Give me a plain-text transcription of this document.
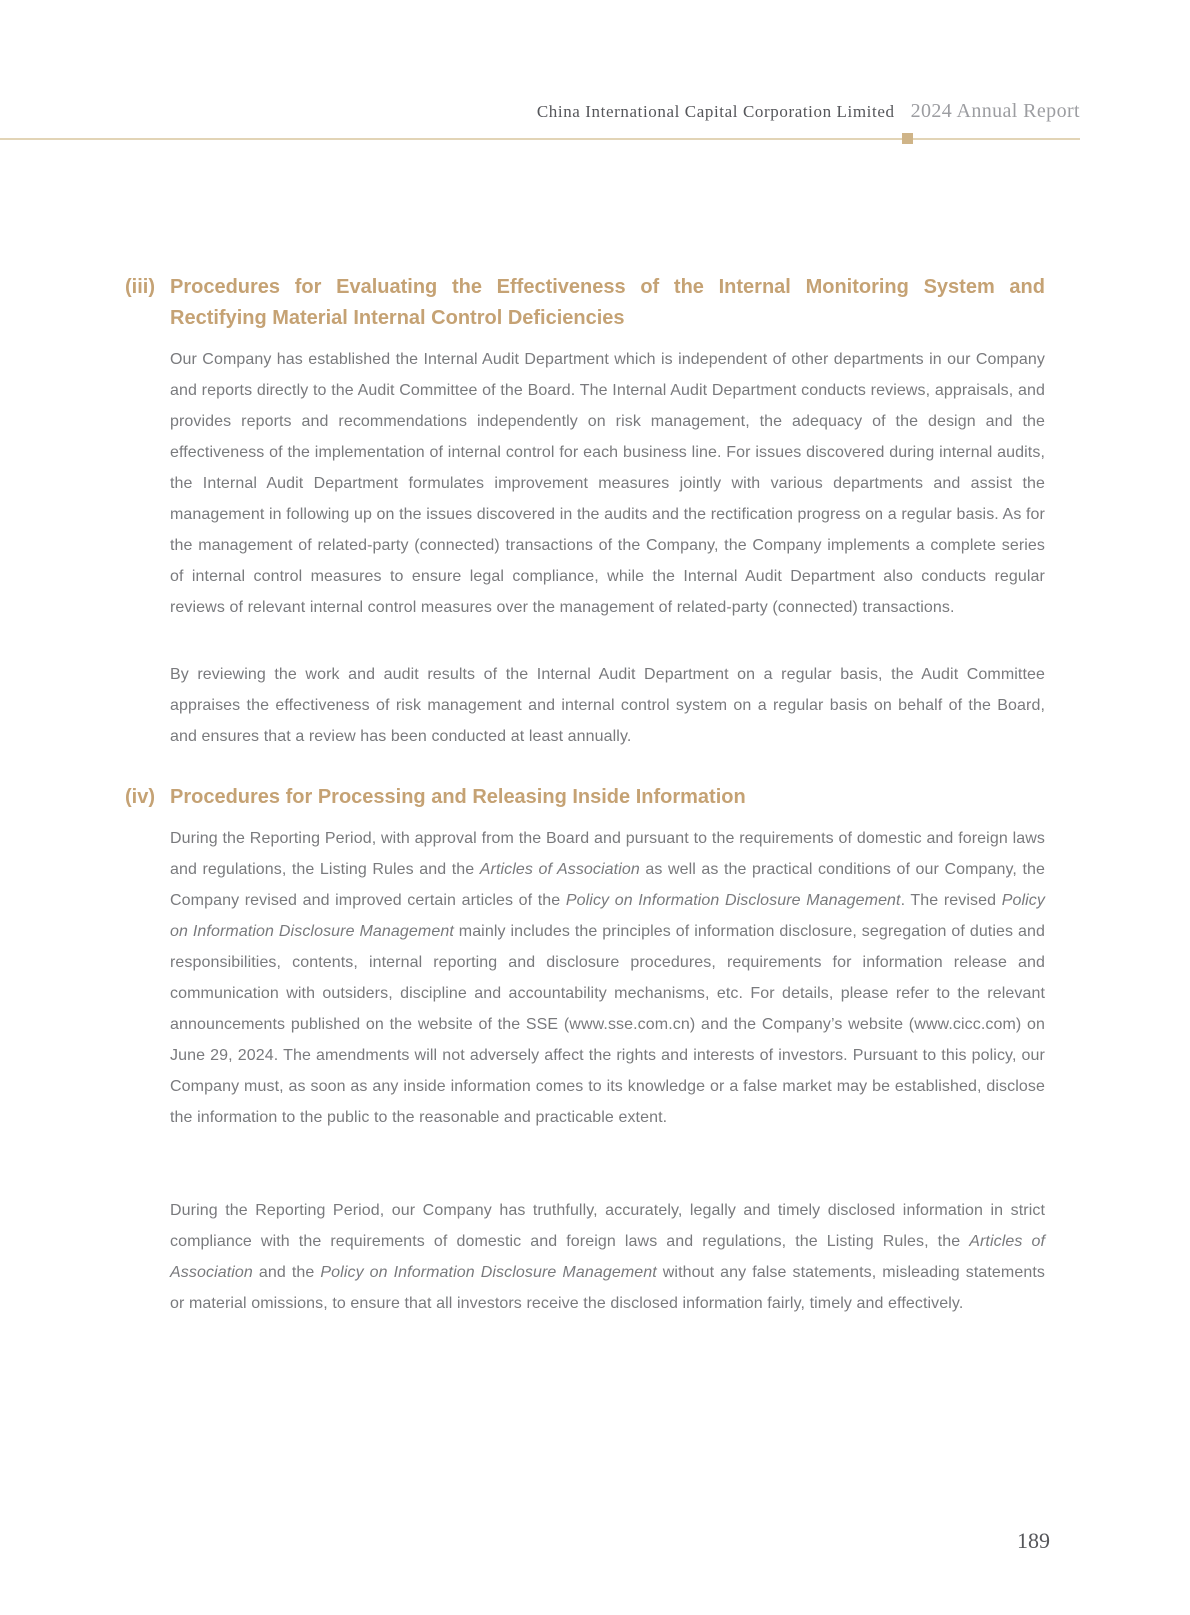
China International Capital Corporation Limited 2024 Annual Report
(iii) Procedures for Evaluating the Effectiveness of the Internal Monitoring System and Rectifying Material Internal Control Deficiencies

Our Company has established the Internal Audit Department which is independent of other departments in our Company and reports directly to the Audit Committee of the Board. The Internal Audit Department conducts reviews, appraisals, and provides reports and recommendations independently on risk management, the adequacy of the design and the effectiveness of the implementation of internal control for each business line. For issues discovered during internal audits, the Internal Audit Department formulates improvement measures jointly with various departments and assist the management in following up on the issues discovered in the audits and the rectification progress on a regular basis. As for the management of related-party (connected) transactions of the Company, the Company implements a complete series of internal control measures to ensure legal compliance, while the Internal Audit Department also conducts regular reviews of relevant internal control measures over the management of related-party (connected) transactions.

By reviewing the work and audit results of the Internal Audit Department on a regular basis, the Audit Committee appraises the effectiveness of risk management and internal control system on a regular basis on behalf of the Board, and ensures that a review has been conducted at least annually.

(iv) Procedures for Processing and Releasing Inside Information

During the Reporting Period, with approval from the Board and pursuant to the requirements of domestic and foreign laws and regulations, the Listing Rules and the Articles of Association as well as the practical conditions of our Company, the Company revised and improved certain articles of the Policy on Information Disclosure Management. The revised Policy on Information Disclosure Management mainly includes the principles of information disclosure, segregation of duties and responsibilities, contents, internal reporting and disclosure procedures, requirements for information release and communication with outsiders, discipline and accountability mechanisms, etc. For details, please refer to the relevant announcements published on the website of the SSE (www.sse.com.cn) and the Company’s website (www.cicc.com) on June 29, 2024. The amendments will not adversely affect the rights and interests of investors. Pursuant to this policy, our Company must, as soon as any inside information comes to its knowledge or a false market may be established, disclose the information to the public to the reasonable and practicable extent.

During the Reporting Period, our Company has truthfully, accurately, legally and timely disclosed information in strict compliance with the requirements of domestic and foreign laws and regulations, the Listing Rules, the Articles of Association and the Policy on Information Disclosure Management without any false statements, misleading statements or material omissions, to ensure that all investors receive the disclosed information fairly, timely and effectively.

189
